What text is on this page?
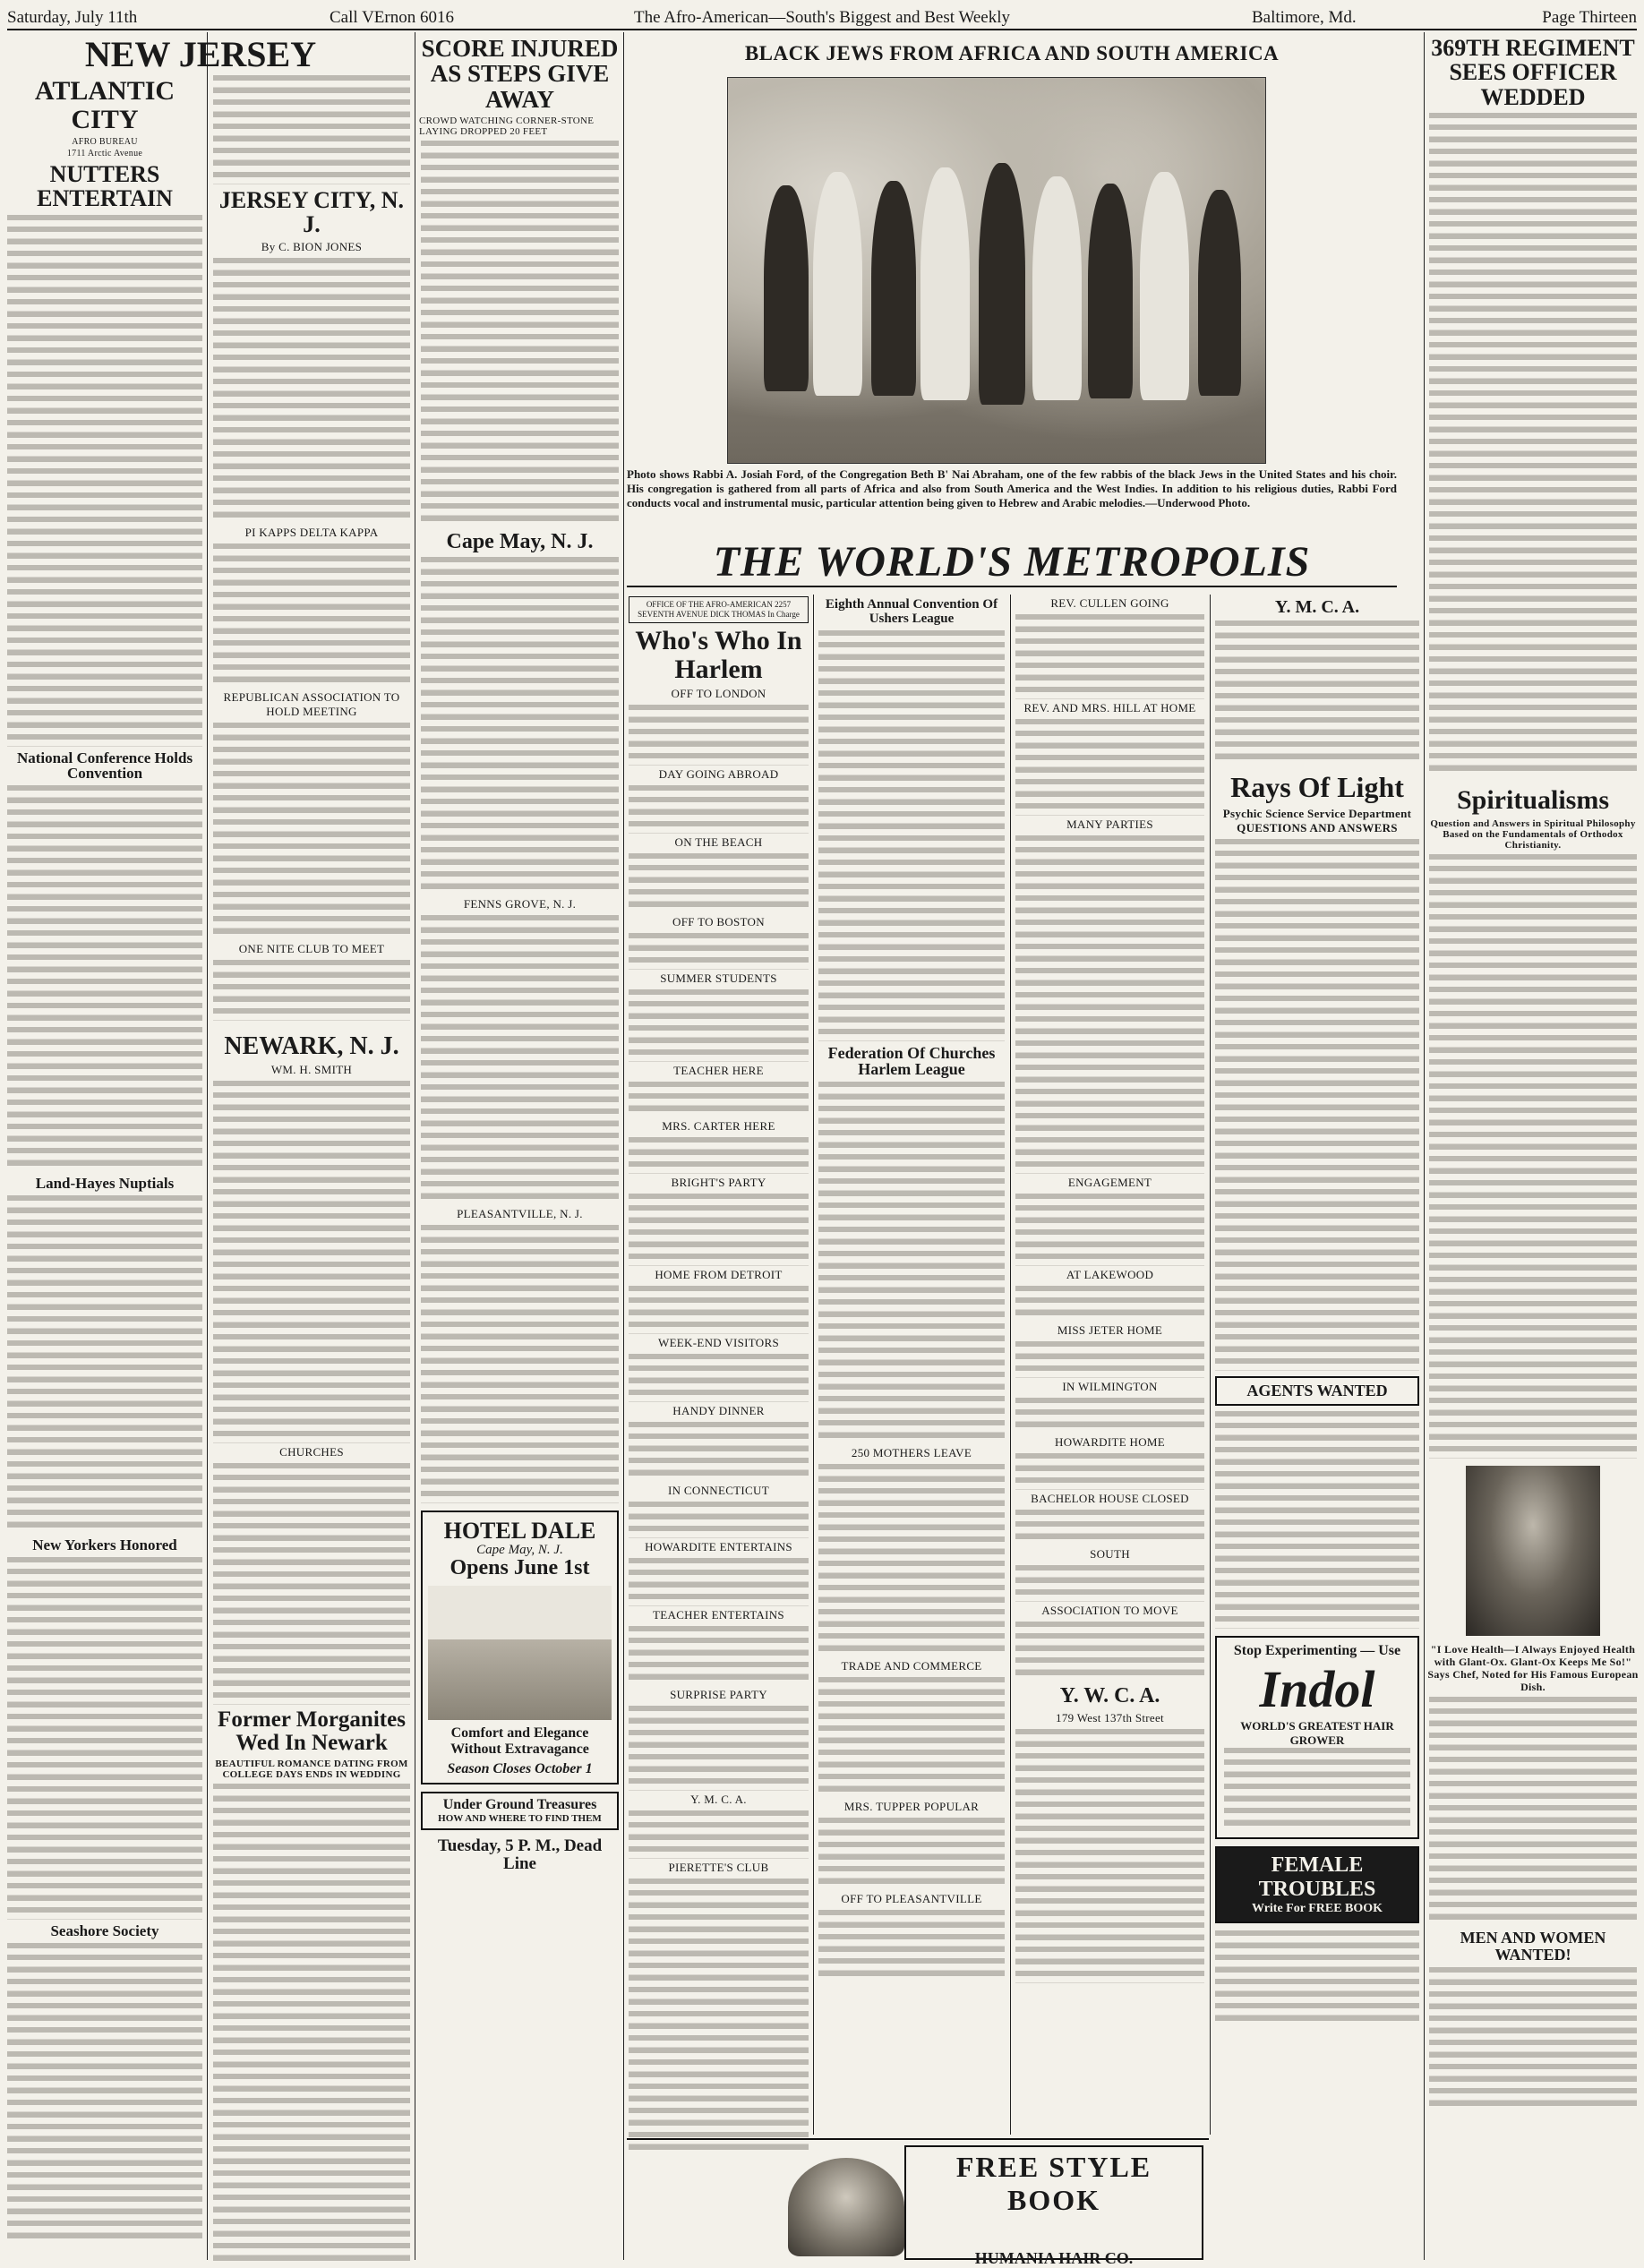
Saturday, July 11th	Call VErnon 6016	The Afro-American—South's Biggest and Best Weekly	Baltimore, Md.	Page Thirteen
NEW JERSEY
ATLANTIC CITY
AFRO BUREAU
1711 Arctic Avenue
NUTTERS ENTERTAIN
National Conference Holds Convention
Land-Hayes Nuptials
New Yorkers Honored
Seashore Society
JERSEY CITY, N. J.
By C. BION JONES
PI KAPPS DELTA KAPPA
REPUBLICAN ASSOCIATION TO HOLD MEETING
ONE NITE CLUB TO MEET
NEWARK, N. J.
WM. H. SMITH
CHURCHES
Former Morganites Wed In Newark
BEAUTIFUL ROMANCE DATING FROM COLLEGE DAYS ENDS IN WEDDING
SCORE INJURED AS STEPS GIVE AWAY
CROWD WATCHING CORNER-STONE LAYING DROPPED 20 FEET
Cape May, N. J.
FENNS GROVE, N. J.
PLEASANTVILLE, N. J.
HOTEL DALE
Cape May, N. J.
Opens June 1st
Comfort and Elegance Without Extravagance
Season Closes October 1
Under Ground Treasures
HOW AND WHERE TO FIND THEM
Tuesday, 5 P. M., Dead Line
BLACK JEWS FROM AFRICA AND SOUTH AMERICA
Photo shows Rabbi A. Josiah Ford, of the Congregation Beth B' Nai Abraham, one of the few rabbis of the black Jews in the United States and his choir. His congregation is gathered from all parts of Africa and also from South America and the West Indies. In addition to his religious duties, Rabbi Ford conducts vocal and instrumental music, particular attention being given to Hebrew and Arabic melodies.—Underwood Photo.
THE WORLD'S METROPOLIS
OFFICE OF THE AFRO-AMERICAN 2257 SEVENTH AVENUE DICK THOMAS In Charge
Who's Who In Harlem
OFF TO LONDON
DAY GOING ABROAD
ON THE BEACH
OFF TO BOSTON
SUMMER STUDENTS
TEACHER HERE
MRS. CARTER HERE
BRIGHT'S PARTY
HOME FROM DETROIT
WEEK-END VISITORS
HANDY DINNER
IN CONNECTICUT
HOWARDITE ENTERTAINS
TEACHER ENTERTAINS
SURPRISE PARTY
Y. M. C. A.
PIERETTE'S CLUB
Eighth Annual Convention Of Ushers League
Federation Of Churches Harlem League
250 MOTHERS LEAVE
TRADE AND COMMERCE
MRS. TUPPER POPULAR
OFF TO PLEASANTVILLE
REV. CULLEN GOING
REV. AND MRS. HILL AT HOME
MANY PARTIES
ENGAGEMENT
AT LAKEWOOD
MISS JETER HOME
IN WILMINGTON
HOWARDITE HOME
BACHELOR HOUSE CLOSED
SOUTH
ASSOCIATION TO MOVE
Y. W. C. A.
179 West 137th Street
Y. M. C. A.
Rays Of Light
Psychic Science Service Department QUESTIONS AND ANSWERS
AGENTS WANTED
Stop Experimenting — Use
Indol
WORLD'S GREATEST HAIR GROWER
FEMALE TROUBLES
Write For FREE BOOK
369TH REGIMENT SEES OFFICER WEDDED
Spiritualisms
Question and Answers in Spiritual Philosophy Based on the Fundamentals of Orthodox Christianity.
"I Love Health—I Always Enjoyed Health with Glant-Ox. Glant-Ox Keeps Me So!" Says Chef, Noted for His Famous European Dish.
MEN AND WOMEN WANTED!
FREE STYLE BOOK
HUMANIA HAIR CO.
